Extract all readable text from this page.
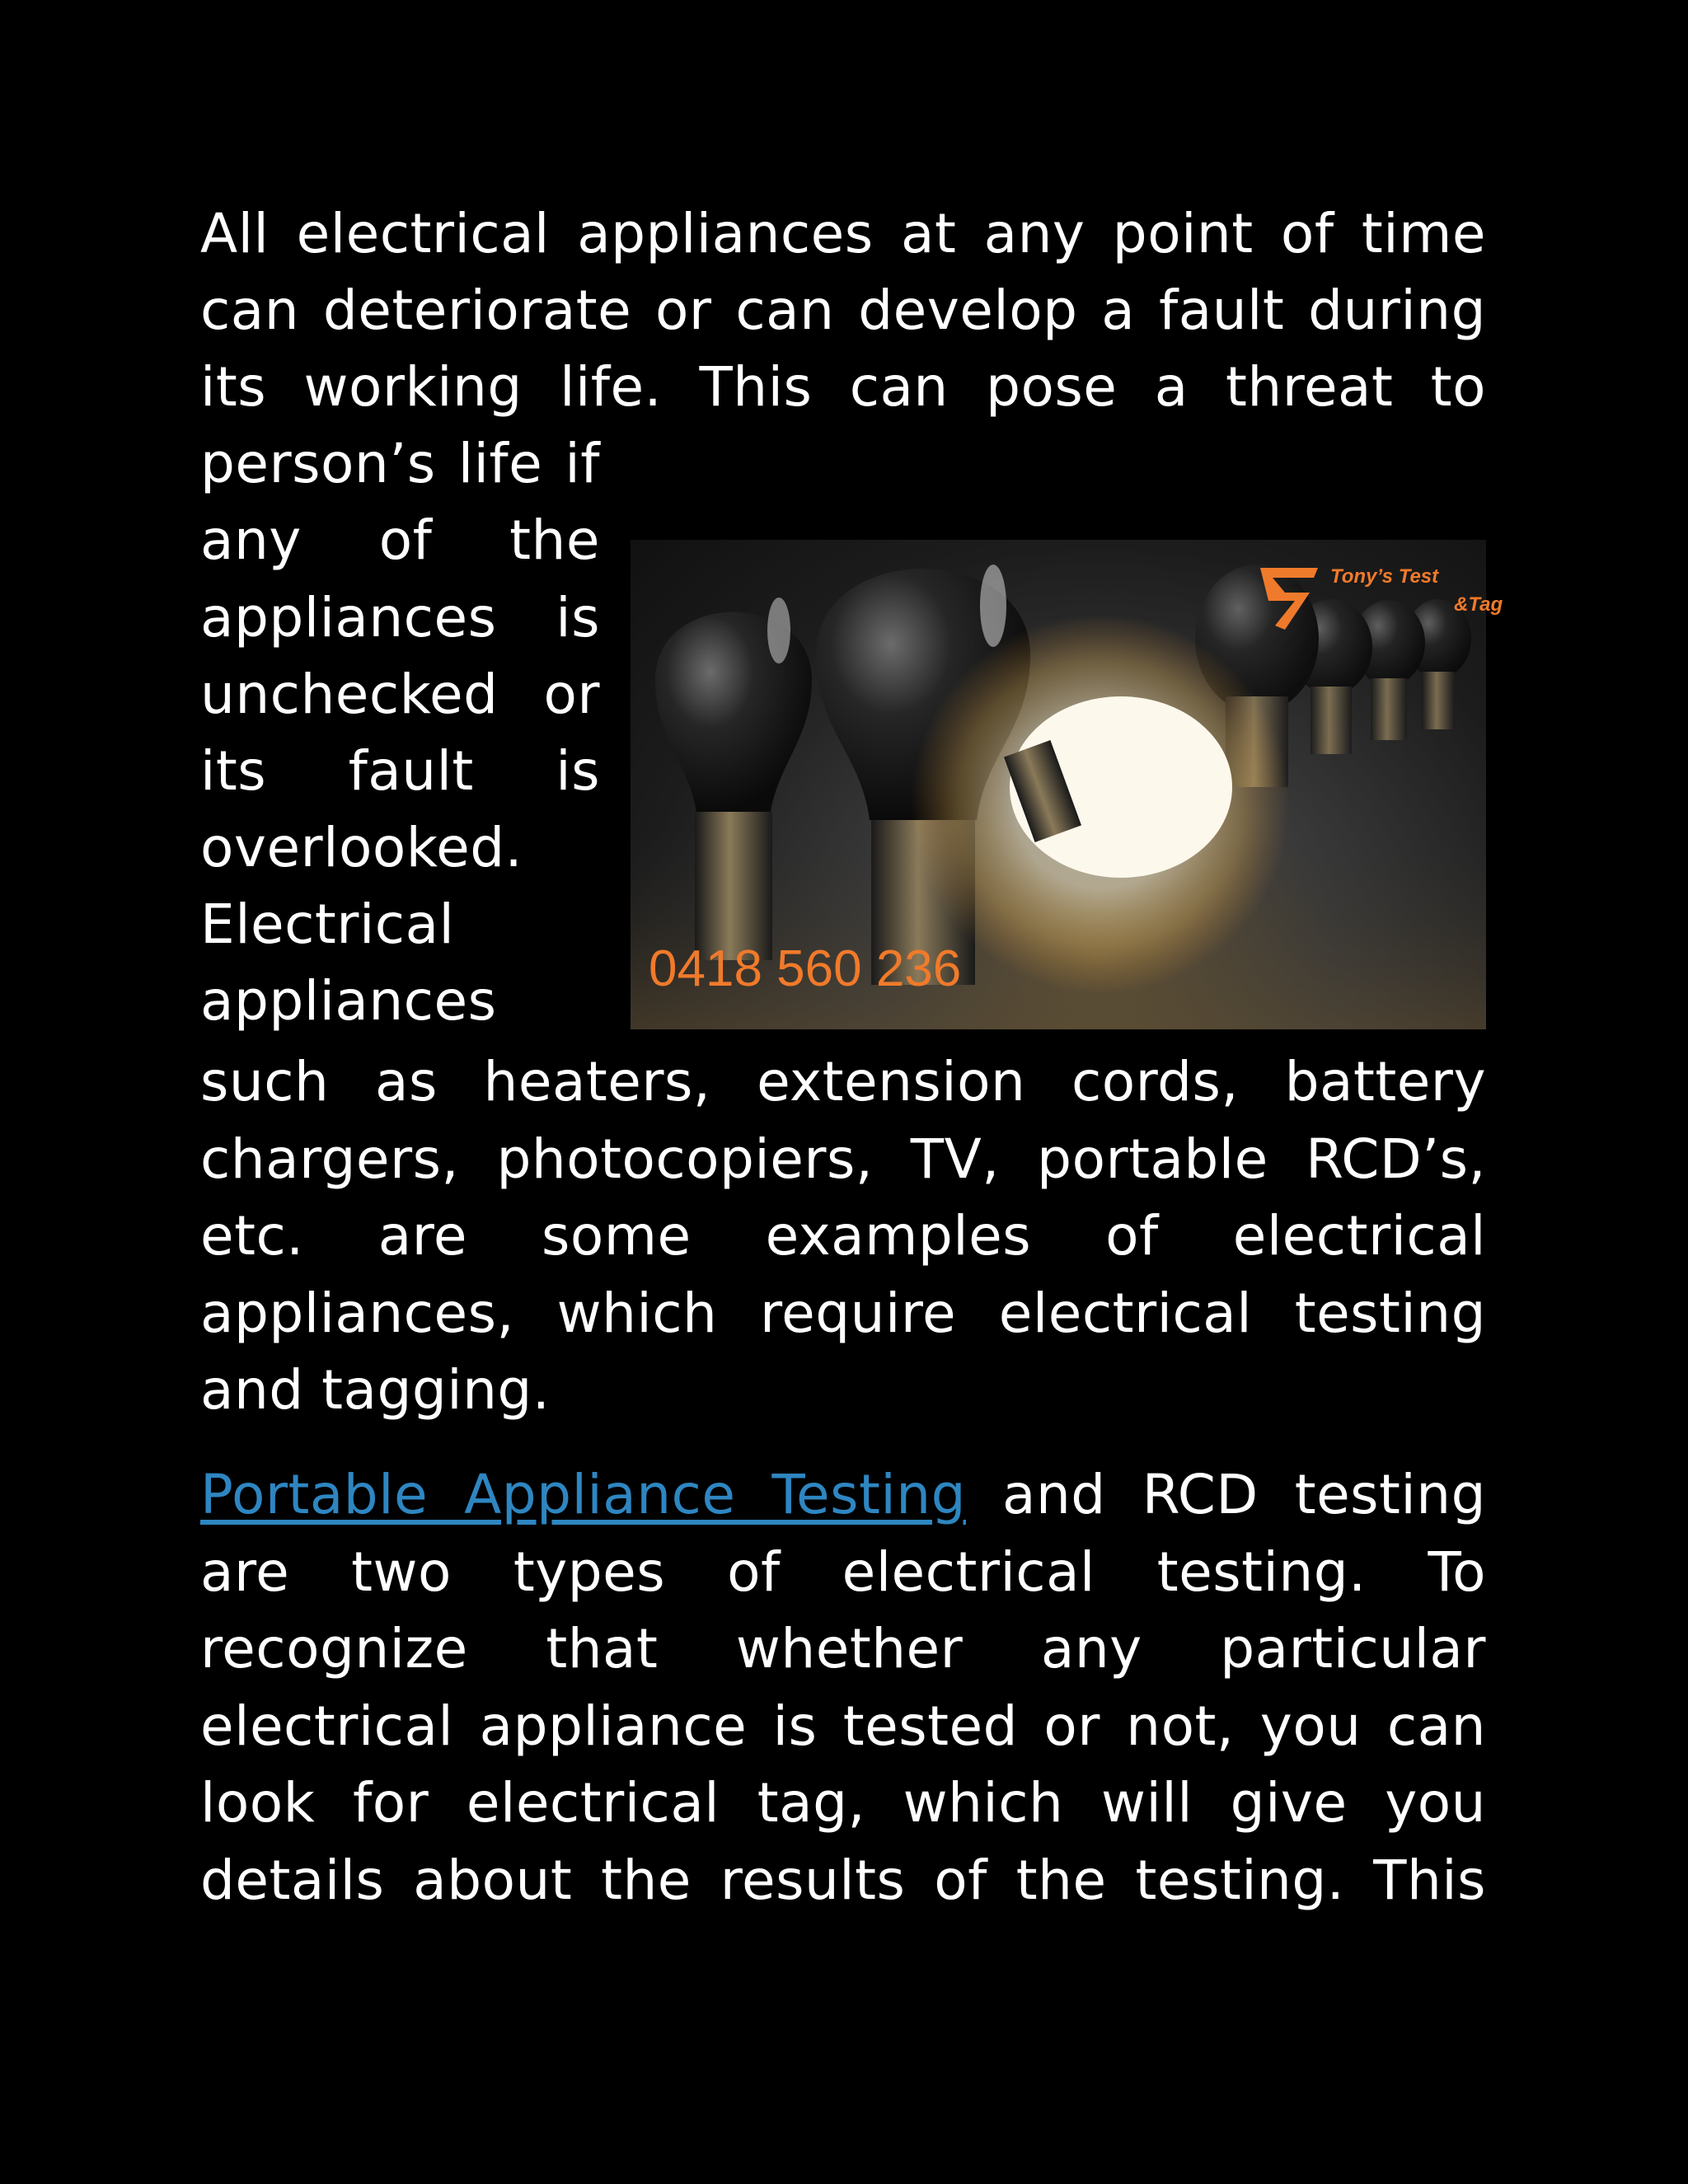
All electrical appliances at any point of time
can deteriorate or can develop a fault during
its working life. This can pose a threat to
person’s life if
any of the
appliances is
unchecked or
its fault is
overlooked.
Electrical
appliances
such as heaters, extension cords, battery
chargers, photocopiers, TV, portable RCD’s,
etc. are some examples of electrical
appliances, which require electrical testing
and tagging.
Portable Appliance Testing and RCD testing
are two types of electrical testing. To
recognize that whether any particular
electrical appliance is tested or not, you can
look for electrical tag, which will give you
details about the results of the testing. This
Tony’s Test
&Tag
0418 560 236
